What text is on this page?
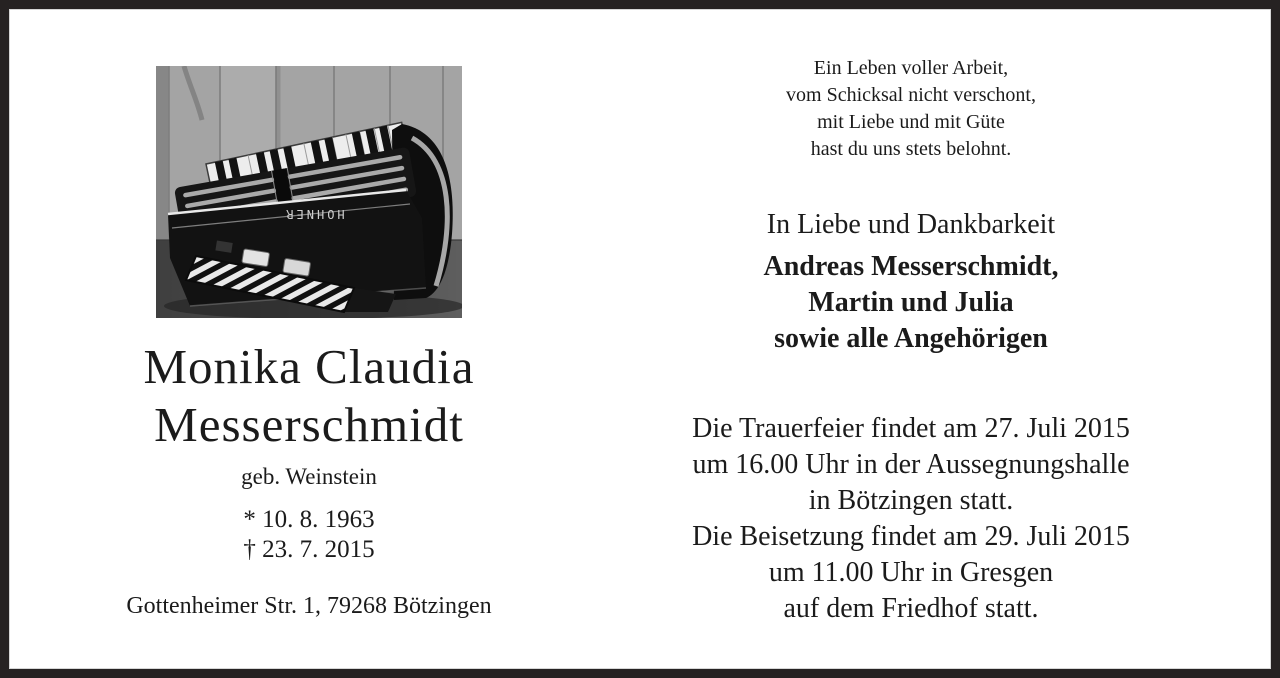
HOHNER
Monika Claudia
Messerschmidt
geb. Weinstein
* 10. 8. 1963
† 23. 7. 2015
Gottenheimer Str. 1, 79268 Bötzingen
Ein Leben voller Arbeit,
vom Schicksal nicht verschont,
mit Liebe und mit Güte
hast du uns stets belohnt.
In Liebe und Dankbarkeit
Andreas Messerschmidt,
Martin und Julia
sowie alle Angehörigen
Die Trauerfeier findet am 27. Juli 2015
um 16.00 Uhr in der Aussegnungshalle
in Bötzingen statt.
Die Beisetzung findet am 29. Juli 2015
um 11.00 Uhr in Gresgen
auf dem Friedhof statt.
